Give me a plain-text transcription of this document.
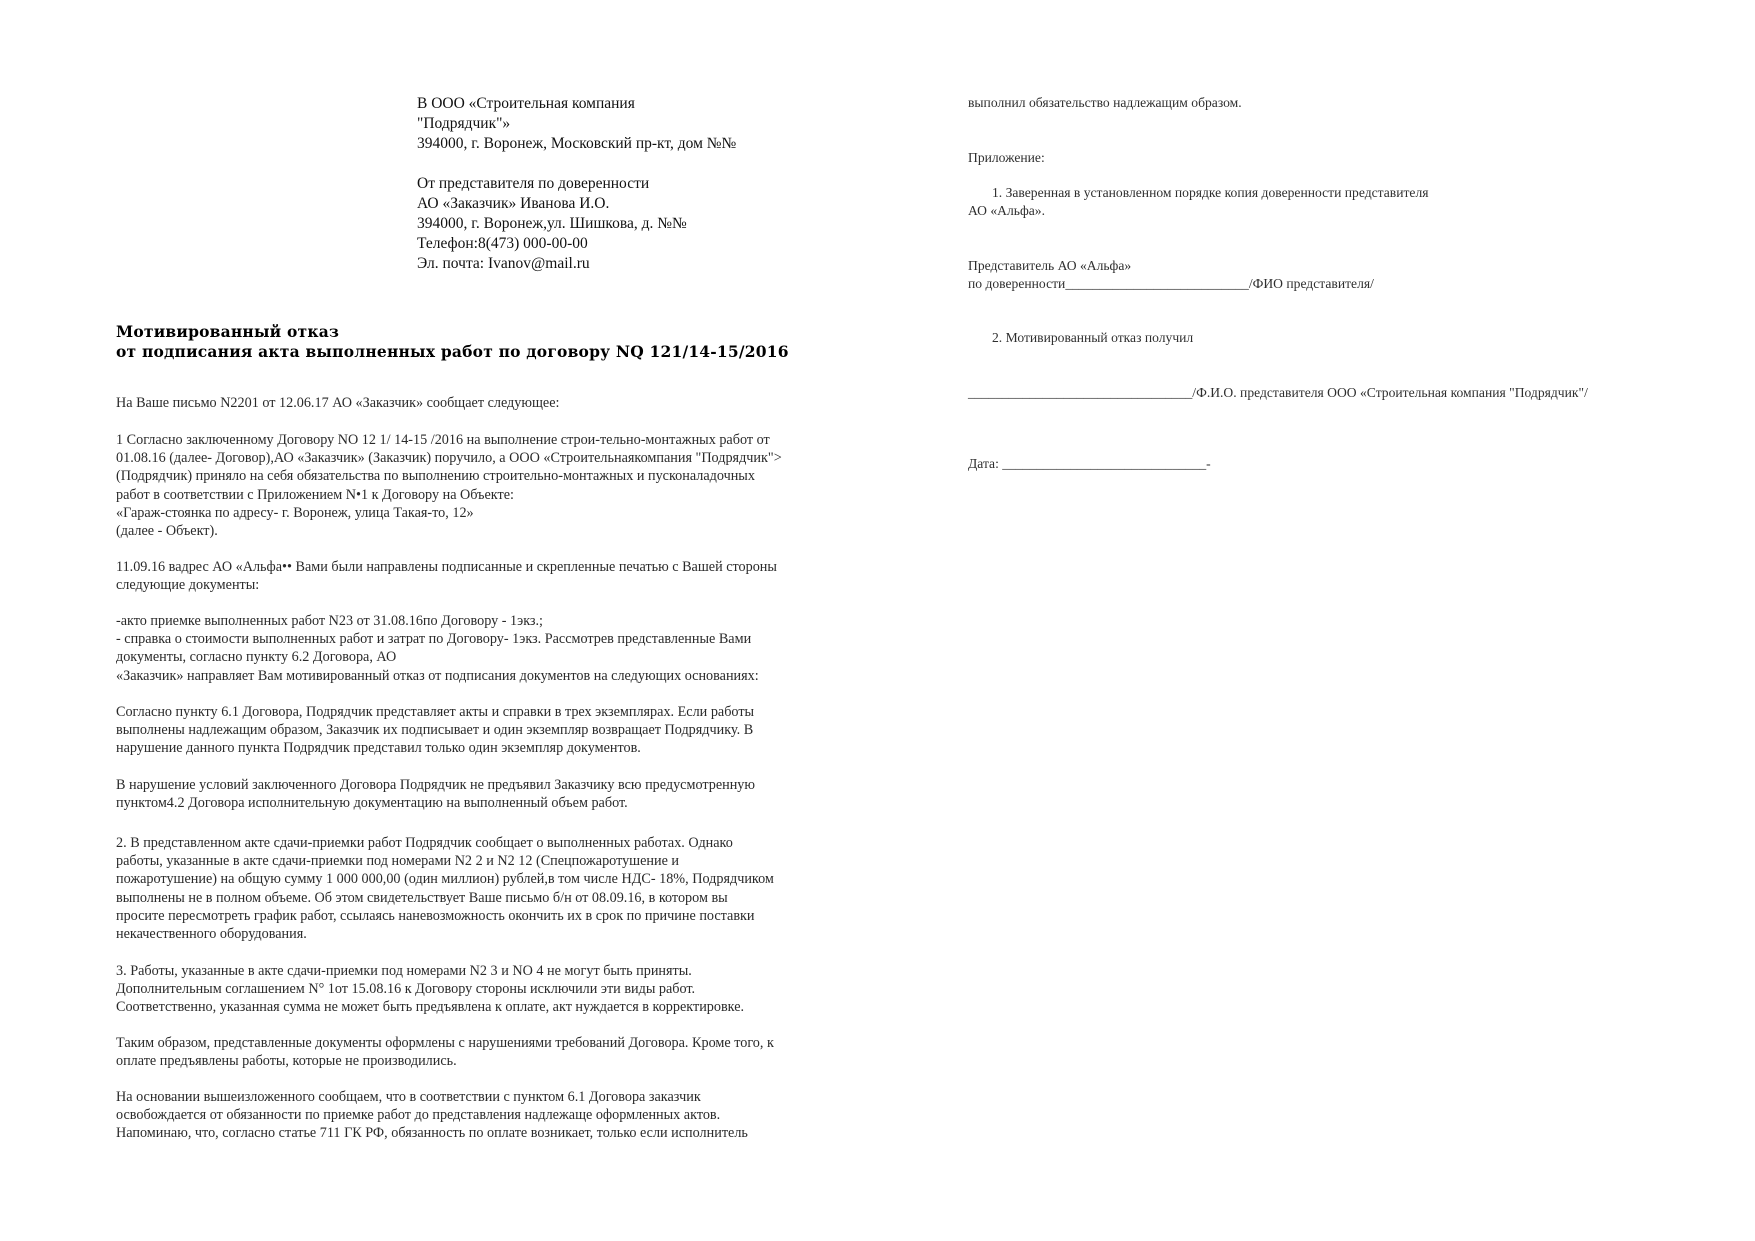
В ООО «Строительная компания
"Подрядчик"»
394000, г. Воронеж, Московский пр-кт, дом №№
От представителя по доверенности
АО «Заказчик» Иванова И.О.
394000, г. Воронеж,ул. Шишкова, д. №№
Телефон:8(473) 000-00-00
Эл. почта: Ivanov@mail.ru
Мотивированный отказ
от подписания акта выполненных работ по договору NQ 121/14-15/2016
На Ваше письмо N2201 от 12.06.17 АО «Заказчик» сообщает следующее:
1 Согласно заключенному Договору NO 12 1/ 14-15 /2016 на выполнение строи-тельно-монтажных работ от
01.08.16 (далее- Договор),АО «Заказчик» (Заказчик) поручило, а ООО «Строительнаякомпания "Подрядчик">
(Подрядчик) приняло на себя обязательства по выполнению строительно-монтажных и пусконаладочных
работ в соответствии с Приложением N•1 к Договору на Объекте:
«Гараж-стоянка по адресу- г. Воронеж, улица Такая-то, 12»
(далее - Объект).
11.09.16 вадрес АО «Альфа•• Вами были направлены подписанные и скрепленные печатью с Вашей стороны
следующие документы:
-акто приемке выполненных работ N23 от 31.08.16по Договору - 1экз.;
- справка о стоимости выполненных работ и затрат по Договору- 1экз. Рассмотрев представленные Вами
документы, согласно пункту 6.2 Договора, АО
«Заказчик» направляет Вам мотивированный отказ от подписания документов на следующих основаниях:
Согласно пункту 6.1 Договора, Подрядчик представляет акты и справки в трех экземплярах. Если работы
выполнены надлежащим образом, Заказчик их подписывает и один экземпляр возвращает Подрядчику. В
нарушение данного пункта Подрядчик представил только один экземпляр документов.
В нарушение условий заключенного Договора Подрядчик не предъявил Заказчику всю предусмотренную
пунктом4.2 Договора исполнительную документацию на выполненный объем работ.
2. В представленном акте сдачи-приемки работ Подрядчик сообщает о выполненных работах. Однако
работы, указанные в акте сдачи-приемки под номерами N2 2 и N2 12 (Спецпожаротушение и
пожаротушение) на общую сумму 1 000 000,00 (один миллион) рублей,в том числе НДС- 18%, Подрядчиком
выполнены не в полном объеме. Об этом свидетельствует Ваше письмо б/н от 08.09.16, в котором вы
просите пересмотреть график работ, ссылаясь наневозможность окончить их в срок по причине поставки
некачественного оборудования.
3. Работы, указанные в акте сдачи-приемки под номерами N2 3 и NO 4 не могут быть приняты.
Дополнительным соглашением N° 1от 15.08.16 к Договору стороны исключили эти виды работ.
Соответственно, указанная сумма не может быть предъявлена к оплате, акт нуждается в корректировке.
Таким образом, представленные документы оформлены с нарушениями требований Договора. Кроме того, к
оплате предъявлены работы, которые не производились.
На основании вышеизложенного сообщаем, что в соответствии с пунктом 6.1 Договора заказчик
освобождается от обязанности по приемке работ до представления надлежаще оформленных актов.
Напоминаю, что, согласно статье 711 ГК РФ, обязанность по оплате возникает, только если исполнитель
выполнил обязательство надлежащим образом.
Приложение:
1. Заверенная в установленном порядке копия доверенности представителя
АО «Альфа».
Представитель АО «Альфа»
по доверенности___________________________/ФИО представителя/
2. Мотивированный отказ получил
_________________________________/Ф.И.О. представителя ООО «Строительная компания "Подрядчик"/
Дата: ______________________________-
